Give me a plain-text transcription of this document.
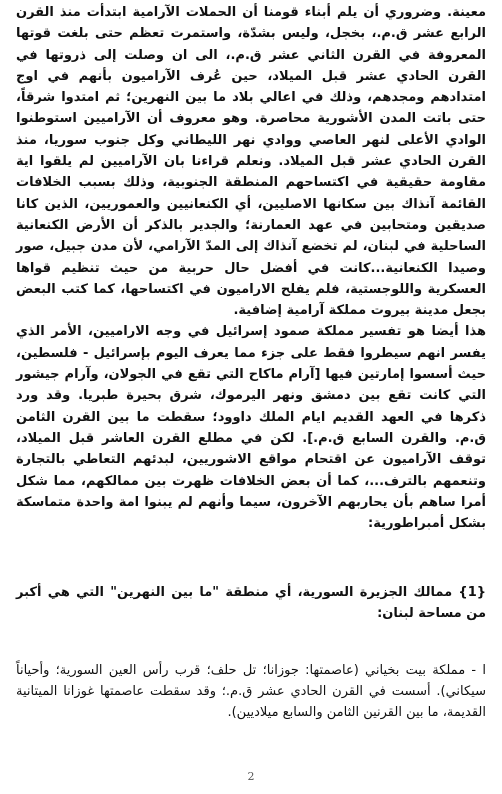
معينة. وضروري أن يلم أبناء قومنا أن الحملات الآرامية ابتدأت منذ القرن الرابع عشر ق.م.، بخجل، وليس بشدّة، واستمرت تعظم حتى بلغت قوتها المعروفة في القرن الثاني عشر ق.م.، الى ان وصلت إلى ذروتها في القرن الحادي عشر قبل الميلاد، حين عُرف الآراميون بأنهم في اوج امتدادهم ومجدهم، وذلك في اعالي بلاد ما بين النهرين؛ ثم امتدوا شرقاً، حتى باتت المدن الأشورية محاصرة. وهو معروف أن الآراميين استوطنوا الوادي الأعلى لنهر العاصي ووادي نهر الليطاني وكل جنوب سوريا، منذ القرن الحادي عشر قبل الميلاد. ونعلم قراءنا بان الآراميين لم يلقوا اية مقاومة حقيقية في اكتساحهم المنطقة الجنوبية، وذلك بسبب الخلافات القائمة آنذاك بين سكانها الاصليين، أي الكنعانيين والعموريين، الذين كانا صديقين ومتحابين في عهد العمارنة؛ والجدير بالذكر أن الأرض الكنعانية الساحلية في لبنان، لم تخضع آنذاك إلى المدّ الآرامي، لأن مدن جبيل، صور وصيدا الكنعانية...كانت في أفضل حال حربية من حيث تنظيم قواها العسكرية واللوجستية، فلم يفلح الاراميون في اكتساحها، كما كتب البعض بجعل مدينة بيروت مملكة آرامية إضافية.

هذا أيضا هو تفسير مملكة صمود إسرائيل في وجه الاراميين، الأمر الذي يفسر انهم سيطروا فقط على جزء مما يعرف اليوم بإسرائيل - فلسطين، حيث أسسوا إمارتين فيها [آرام ماكاح التي تقع في الجولان، وآرام جيشور التي كانت تقع بين دمشق ونهر اليرموك، شرق بحيرة طبريا. وقد ورد ذكرها في العهد القديم ايام الملك داوود؛ سقطت ما بين القرن الثامن ق.م. والقرن السابع ق.م.]. لكن في مطلع القرن العاشر قبل الميلاد، توقف الآراميون عن اقتحام مواقع الاشوريين، لبدئهم التعاطي بالتجارة وتنعمهم بالترف...، كما أن بعض الخلافات ظهرت بين ممالكهم، مما شكل أمرا ساهم بأن يحاربهم الآخرون، سيما وأنهم لم يبنوا امة واحدة متماسكة بشكل أمبراطورية:

{1} ممالك الجزيرة السورية، أي منطقة "ما بين النهرين" التي هي أكبر من مساحة لبنان:

ا - مملكة بيت بخياني (عاصمتها: جوزانا؛ تل حلف؛ قرب رأس العين السورية؛ وأحياناً سيكاني). أسست في القرن الحادي عشر ق.م.؛ وقد سقطت عاصمتها غوزانا الميتانية القديمة، ما بين القرنين الثامن والسابع ميلاديين).

2
